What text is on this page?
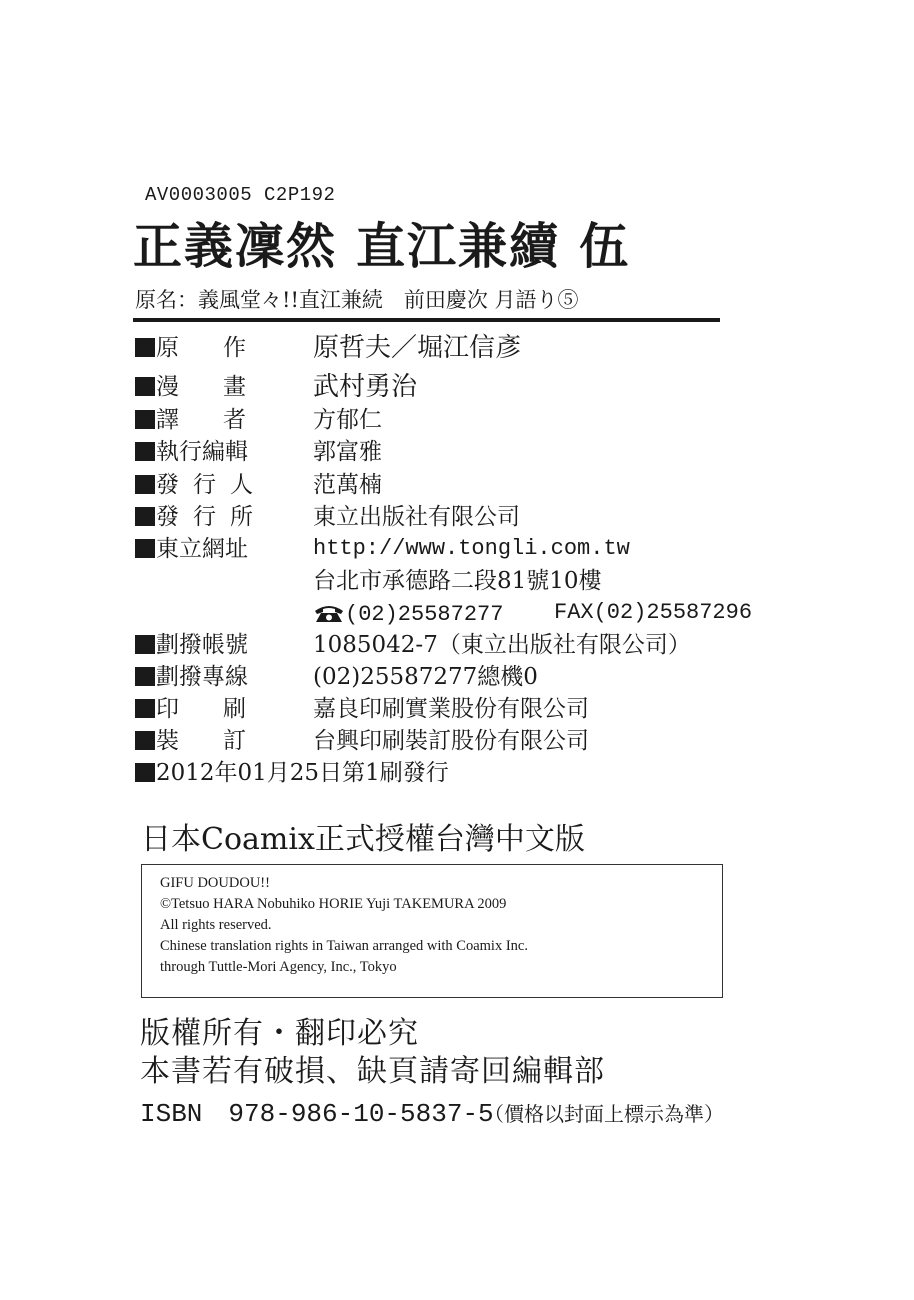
AV0003005 C2P192
正義凜然 直江兼續 伍
原名：義風堂々!!直江兼続　前田慶次 月語り⑤
原作 原哲夫／堀江信彥
漫畫 武村勇治
譯者 方郁仁
執行編輯	郭富雅
發行人 范萬楠
發行所 東立出版社有限公司
東立網址	http://www.tongli.com.tw
台北市承德路二段81號10樓
(02)25587277 FAX(02)25587296
劃撥帳號	1085042-7（東立出版社有限公司）
劃撥專線	(02)25587277總機0
印刷 嘉良印刷實業股份有限公司
裝訂 台興印刷裝訂股份有限公司
2012年01月25日第1刷發行
日本Coamix正式授權台灣中文版
GIFU DOUDOU!!
©Tetsuo HARA Nobuhiko HORIE Yuji TAKEMURA 2009
All rights reserved.
Chinese translation rights in Taiwan arranged with Coamix Inc.
through Tuttle-Mori Agency, Inc., Tokyo
版權所有・翻印必究
本書若有破損、缺頁請寄回編輯部
ISBN　978-986-10-5837-5
（價格以封面上標示為準）
